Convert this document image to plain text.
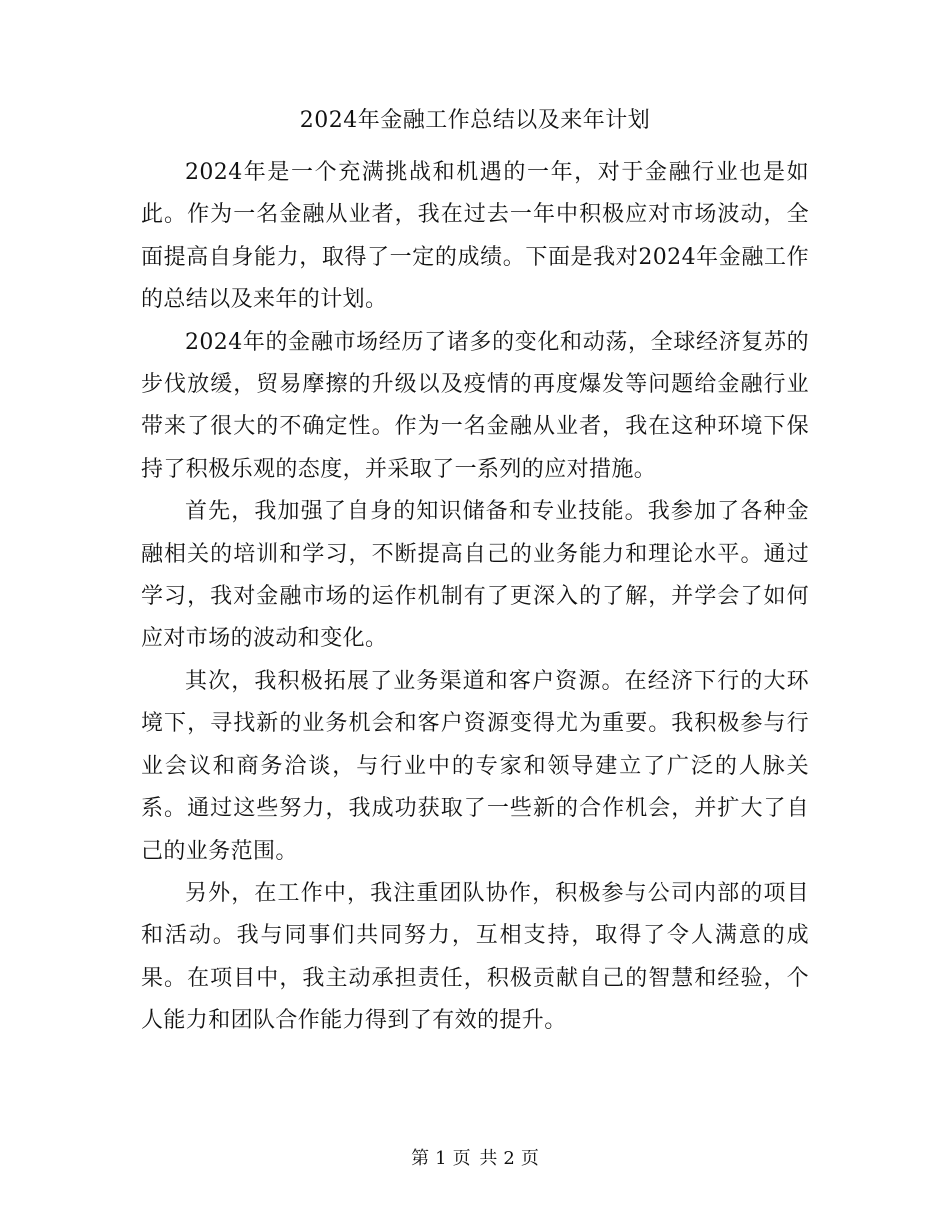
2024年金融工作总结以及来年计划

2024年是一个充满挑战和机遇的一年，对于金融行业也是如此。作为一名金融从业者，我在过去一年中积极应对市场波动，全面提高自身能力，取得了一定的成绩。下面是我对2024年金融工作的总结以及来年的计划。

2024年的金融市场经历了诸多的变化和动荡，全球经济复苏的步伐放缓，贸易摩擦的升级以及疫情的再度爆发等问题给金融行业带来了很大的不确定性。作为一名金融从业者，我在这种环境下保持了积极乐观的态度，并采取了一系列的应对措施。

首先，我加强了自身的知识储备和专业技能。我参加了各种金融相关的培训和学习，不断提高自己的业务能力和理论水平。通过学习，我对金融市场的运作机制有了更深入的了解，并学会了如何应对市场的波动和变化。

其次，我积极拓展了业务渠道和客户资源。在经济下行的大环境下，寻找新的业务机会和客户资源变得尤为重要。我积极参与行业会议和商务洽谈，与行业中的专家和领导建立了广泛的人脉关系。通过这些努力，我成功获取了一些新的合作机会，并扩大了自己的业务范围。

另外，在工作中，我注重团队协作，积极参与公司内部的项目和活动。我与同事们共同努力，互相支持，取得了令人满意的成果。在项目中，我主动承担责任，积极贡献自己的智慧和经验，个人能力和团队合作能力得到了有效的提升。

第 1 页 共 2 页
